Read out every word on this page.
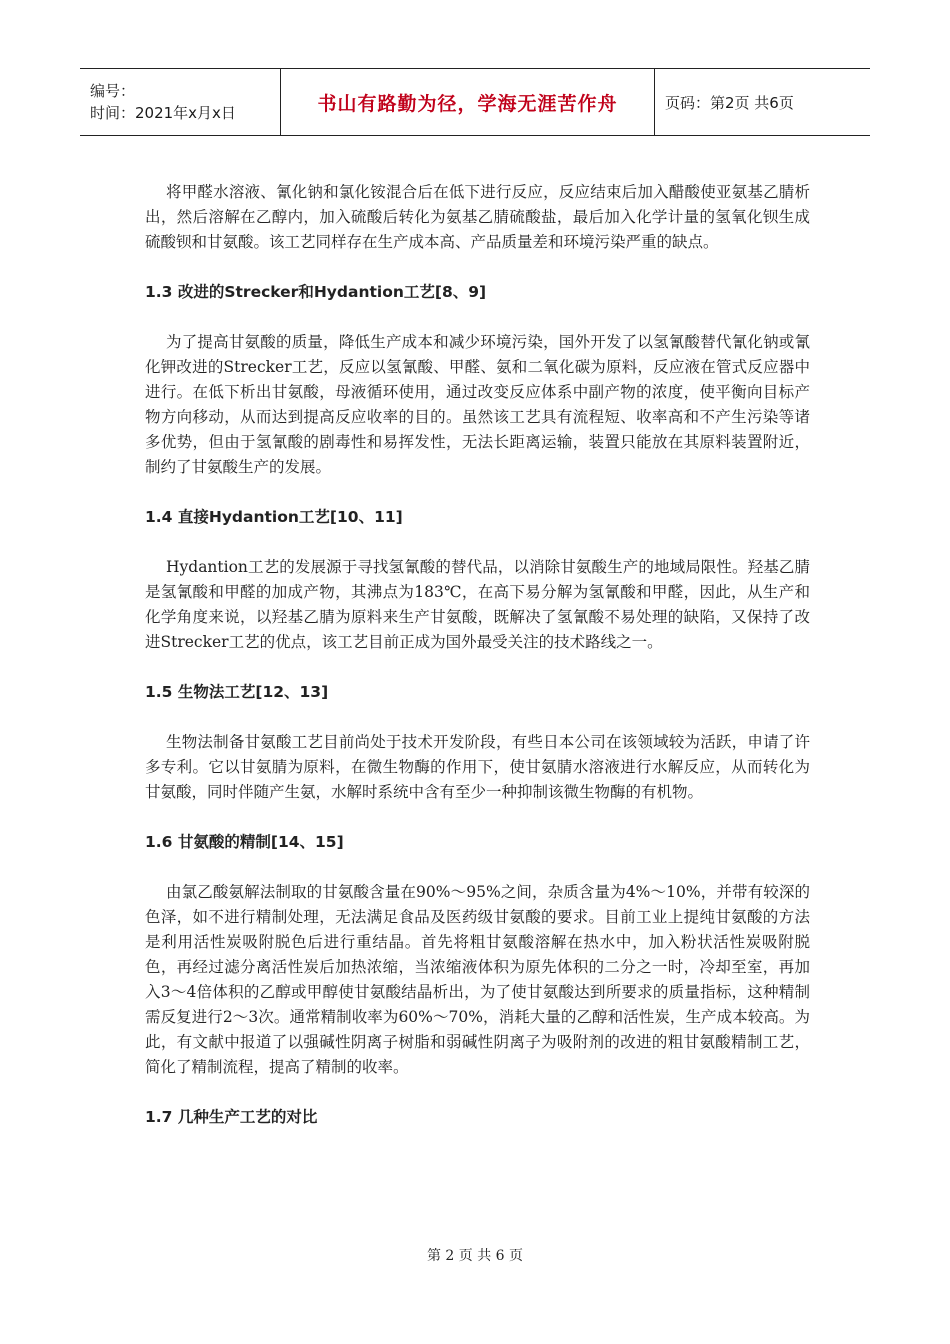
编号：
时间：2021年x月x日	书山有路勤为径，学海无涯苦作舟	页码：第2页 共6页

将甲醛水溶液、氰化钠和氯化铵混合后在低下进行反应，反应结束后加入醋酸使亚氨基乙腈析出，然后溶解在乙醇内，加入硫酸后转化为氨基乙腈硫酸盐，最后加入化学计量的氢氧化钡生成硫酸钡和甘氨酸。该工艺同样存在生产成本高、产品质量差和环境污染严重的缺点。

1.3 改进的Strecker和Hydantion工艺[8、9]

为了提高甘氨酸的质量，降低生产成本和减少环境污染，国外开发了以氢氰酸替代氰化钠或氰化钾改进的Strecker工艺，反应以氢氰酸、甲醛、氨和二氧化碳为原料，反应液在管式反应器中进行。在低下析出甘氨酸，母液循环使用，通过改变反应体系中副产物的浓度，使平衡向目标产物方向移动，从而达到提高反应收率的目的。虽然该工艺具有流程短、收率高和不产生污染等诸多优势，但由于氢氰酸的剧毒性和易挥发性，无法长距离运输，装置只能放在其原料装置附近，制约了甘氨酸生产的发展。

1.4 直接Hydantion工艺[10、11]

Hydantion工艺的发展源于寻找氢氰酸的替代品，以消除甘氨酸生产的地域局限性。羟基乙腈是氢氰酸和甲醛的加成产物，其沸点为183℃，在高下易分解为氢氰酸和甲醛，因此，从生产和化学角度来说，以羟基乙腈为原料来生产甘氨酸，既解决了氢氰酸不易处理的缺陷，又保持了改进Strecker工艺的优点，该工艺目前正成为国外最受关注的技术路线之一。

1.5 生物法工艺[12、13]

生物法制备甘氨酸工艺目前尚处于技术开发阶段，有些日本公司在该领域较为活跃，申请了许多专利。它以甘氨腈为原料，在微生物酶的作用下，使甘氨腈水溶液进行水解反应，从而转化为甘氨酸，同时伴随产生氨，水解时系统中含有至少一种抑制该微生物酶的有机物。

1.6 甘氨酸的精制[14、15]

由氯乙酸氨解法制取的甘氨酸含量在90%～95%之间，杂质含量为4%～10%，并带有较深的色泽，如不进行精制处理，无法满足食品及医药级甘氨酸的要求。目前工业上提纯甘氨酸的方法是利用活性炭吸附脱色后进行重结晶。首先将粗甘氨酸溶解在热水中，加入粉状活性炭吸附脱色，再经过滤分离活性炭后加热浓缩，当浓缩液体积为原先体积的二分之一时，冷却至室，再加入3～4倍体积的乙醇或甲醇使甘氨酸结晶析出，为了使甘氨酸达到所要求的质量指标，这种精制需反复进行2～3次。通常精制收率为60%～70%，消耗大量的乙醇和活性炭，生产成本较高。为此，有文献中报道了以强碱性阴离子树脂和弱碱性阴离子为吸附剂的改进的粗甘氨酸精制工艺，简化了精制流程，提高了精制的收率。

1.7 几种生产工艺的对比

第 2 页 共 6 页
